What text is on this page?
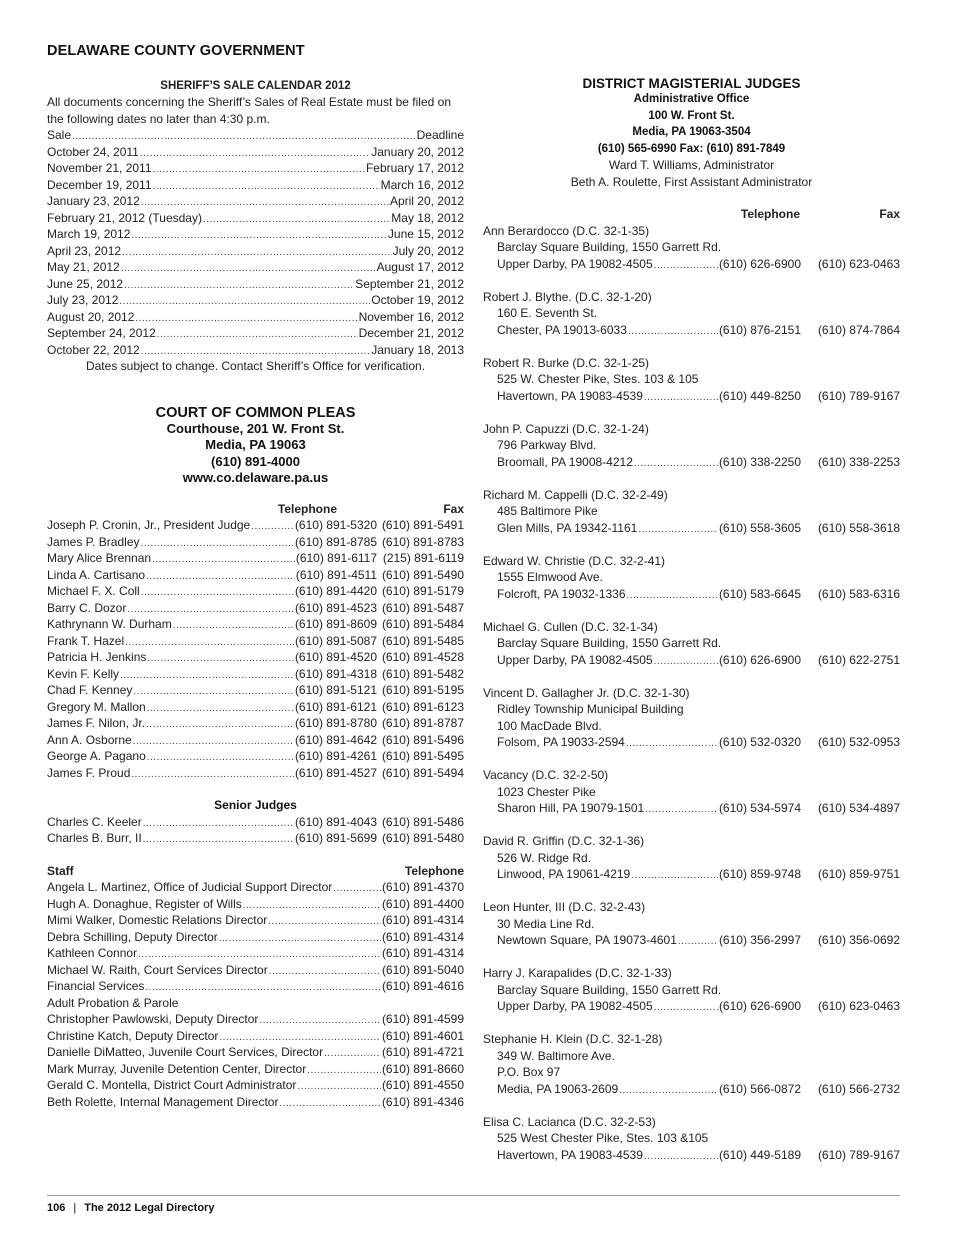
DELAWARE COUNTY GOVERNMENT
SHERIFF’S SALE CALENDAR 2012
All documents concerning the Sheriff’s Sales of Real Estate must be filed on the following dates no later than 4:30 p.m.
Sale .....	Deadline
October 24, 2011 .....	January 20, 2012
November 21, 2011 .....	February 17, 2012
December 19, 2011 .....	March 16, 2012
January 23, 2012 .....	April 20, 2012
February 21, 2012 (Tuesday) .....	May 18, 2012
March 19, 2012 .....	June 15, 2012
April 23, 2012 .....	July 20, 2012
May 21, 2012 .....	August 17, 2012
June 25, 2012 .....	September 21, 2012
July 23, 2012 .....	October 19, 2012
August 20, 2012 .....	November 16, 2012
September 24, 2012 .....	December 21, 2012
October 22, 2012 .....	January 18, 2013
Dates subject to change. Contact Sheriff’s Office for verification.
COURT OF COMMON PLEAS
Courthouse, 201 W. Front St.
Media, PA 19063
(610) 891-4000
www.co.delaware.pa.us
Telephone	Fax
Joseph P. Cronin, Jr., President Judge .....	(610) 891-5320 (610) 891-5491
James P. Bradley .....	(610) 891-8785 (610) 891-8783
Mary Alice Brennan .....	(610) 891-6117 (215) 891-6119
Linda A. Cartisano .....	(610) 891-4511 (610) 891-5490
Michael F. X. Coll .....	(610) 891-4420 (610) 891-5179
Barry C. Dozor .....	(610) 891-4523 (610) 891-5487
Kathrynann W. Durham .....	(610) 891-8609 (610) 891-5484
Frank T. Hazel .....	(610) 891-5087 (610) 891-5485
Patricia H. Jenkins .....	(610) 891-4520 (610) 891-4528
Kevin F. Kelly .....	(610) 891-4318 (610) 891-5482
Chad F. Kenney .....	(610) 891-5121 (610) 891-5195
Gregory M. Mallon .....	(610) 891-6121 (610) 891-6123
James F. Nilon, Jr. .....	(610) 891-8780 (610) 891-8787
Ann A. Osborne .....	(610) 891-4642 (610) 891-5496
George A. Pagano .....	(610) 891-4261 (610) 891-5495
James F. Proud .....	(610) 891-4527 (610) 891-5494
Senior Judges
Charles C. Keeler .....	(610) 891-4043 (610) 891-5486
Charles B. Burr, II .....	(610) 891-5699 (610) 891-5480
Staff	Telephone
Angela L. Martinez, Office of Judicial Support Director .....	(610) 891-4370
Hugh A. Donaghue, Register of Wills .....	(610) 891-4400
Mimi Walker, Domestic Relations Director .....	(610) 891-4314
Debra Schilling, Deputy Director .....	(610) 891-4314
Kathleen Connor .....	(610) 891-4314
Michael W. Raith, Court Services Director .....	(610) 891-5040
Financial Services .....	(610) 891-4616
Adult Probation & Parole
Christopher Pawlowski, Deputy Director .....	(610) 891-4599
Christine Katch, Deputy Director .....	(610) 891-4601
Danielle DiMatteo, Juvenile Court Services, Director .....	(610) 891-4721
Mark Murray, Juvenile Detention Center, Director .....	(610) 891-8660
Gerald C. Montella, District Court Administrator .....	(610) 891-4550
Beth Rolette, Internal Management Director .....	(610) 891-4346
DISTRICT MAGISTERIAL JUDGES
Administrative Office
100 W. Front St.
Media, PA 19063-3504
(610) 565-6990 Fax: (610) 891-7849
Ward T. Williams, Administrator
Beth A. Roulette, First Assistant Administrator
Telephone	Fax
Ann Berardocco (D.C. 32-1-35)
Barclay Square Building, 1550 Garrett Rd.
Upper Darby, PA 19082-4505 .....	(610) 626-6900	(610) 623-0463
Robert J. Blythe. (D.C. 32-1-20)
160 E. Seventh St.
Chester, PA 19013-6033 .....	(610) 876-2151	(610) 874-7864
Robert R. Burke (D.C. 32-1-25)
525 W. Chester Pike, Stes. 103 & 105
Havertown, PA 19083-4539 .....	(610) 449-8250	(610) 789-9167
John P. Capuzzi (D.C. 32-1-24)
796 Parkway Blvd.
Broomall, PA 19008-4212 .....	(610) 338-2250	(610) 338-2253
Richard M. Cappelli (D.C. 32-2-49)
485 Baltimore Pike
Glen Mills, PA 19342-1161 .....	(610) 558-3605	(610) 558-3618
Edward W. Christie (D.C. 32-2-41)
1555 Elmwood Ave.
Folcroft, PA 19032-1336 .....	(610) 583-6645	(610) 583-6316
Michael G. Cullen (D.C. 32-1-34)
Barclay Square Building, 1550 Garrett Rd.
Upper Darby, PA 19082-4505 .....	(610) 626-6900	(610) 622-2751
Vincent D. Gallagher Jr. (D.C. 32-1-30)
Ridley Township Municipal Building
100 MacDade Blvd.
Folsom, PA 19033-2594 .....	(610) 532-0320	(610) 532-0953
Vacancy (D.C. 32-2-50)
1023 Chester Pike
Sharon Hill, PA 19079-1501 .....	(610) 534-5974	(610) 534-4897
David R. Griffin (D.C. 32-1-36)
526 W. Ridge Rd.
Linwood, PA 19061-4219 .....	(610) 859-9748	(610) 859-9751
Leon Hunter, III (D.C. 32-2-43)
30 Media Line Rd.
Newtown Square, PA 19073-4601 .....	(610) 356-2997	(610) 356-0692
Harry J. Karapalides (D.C. 32-1-33)
Barclay Square Building, 1550 Garrett Rd.
Upper Darby, PA 19082-4505 .....	(610) 626-6900	(610) 623-0463
Stephanie H. Klein (D.C. 32-1-28)
349 W. Baltimore Ave.
P.O. Box 97
Media, PA 19063-2609 .....	(610) 566-0872	(610) 566-2732
Elisa C. Lacianca (D.C. 32-2-53)
525 West Chester Pike, Stes. 103 &105
Havertown, PA 19083-4539 .....	(610) 449-5189	(610) 789-9167
106 | The 2012 Legal Directory
